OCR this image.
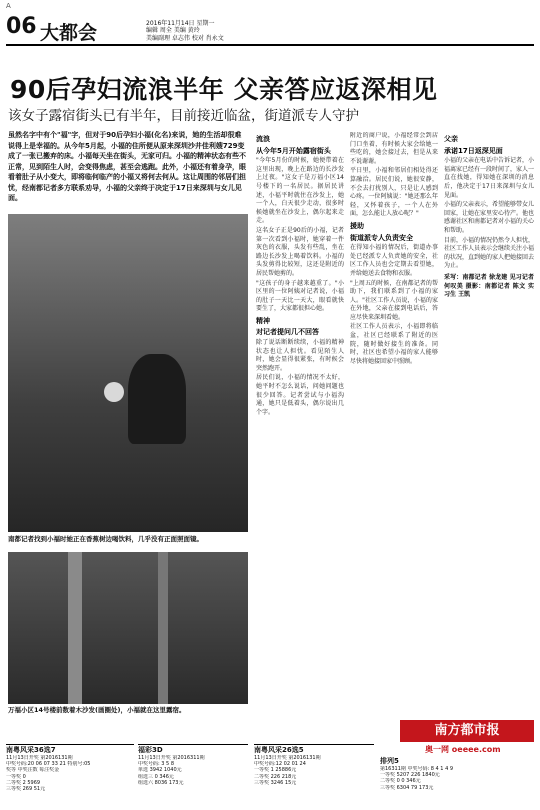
A
06 大都会	2016年11月14日 星期一
编辑 周全 美编 黄玲
美编副理 卓志伟 校对 肖永文
90后孕妇流浪半年 父亲答应返深相见
该女子露宿街头已有半年，目前接近临盆，街道派专人守护
虽然名字中有个"福"字，但对于90后孕妇小福(化名)来说，她的生活却很难说得上是幸福的。从今年5月起，小福的住所便从原来深圳沙井佳利嫂729变成了一张已搬弃的床。小福每天坐在街头，无家可归。小福的精神状态有些不正常，见到陌生人时，会变得焦虑，甚至会逃跑。此外，小福还有着身孕，眼看着肚子从小变大，即将临何临产的小福又将何去何从。这让周围的邻居们担忧，经南都记者多方联系劝导，小福的父亲终于决定于17日来深圳与女儿见面。
南都记者找到小福时她正在香蕉树边喝饮料，几乎没有正面照面镜。
万福小区14号楼前数着木沙发(画圈处)，小福就在这里露宿。
流浪
从今年5月开始露宿街头

"今年5月份的时候，她便带着在这里出现，晚上在路边的长沙发上过夜。"这女子是万福小区14号楼下的一名居民。据居民讲述，小福平时就住在沙发上，她一个人，白天很少走动，很多时候她就坐在沙发上，偶尔起来走走。

这名女子正是90后的小福，记者第一次看到小福时，她穿着一件灰色的衣服，头发有些乱，坐在路边长沙发上喝着饮料。小福的头发剪得比较短，这还是附近的居民帮她剪的。

"这孩子的身子越来越重了。"小区里的一位阿姨对记者说，小福的肚子一天比一天大，眼看就快要生了，大家都很担心她。

精神
对记者提问几不回答

除了说话断断续续，小福的精神状态也让人担忧。看见陌生人时，她会显得很紧张，有时候会突然跑开。

居民们说，小福的情况不太好，她平时不怎么说话，问她问题也很少回答。记者尝试与小福沟通，她只是低着头，偶尔说出几个字。

附近的商户说，小福经常会到店门口坐着，有时候大家会给她一些吃的，她会接过去，但是从来不说谢谢。

平日里，小福和邻居们相处得还算融洽。居民们说，她很安静，不会去打扰别人，只是让人感到心疼。一位阿姨说："她还那么年轻，又怀着孩子，一个人在外面，怎么能让人放心呢？"

援助
街道派专人负责安全

在得知小福的情况后，街道办事处已经派专人负责她的安全，社区工作人员也会定期去看望她，并给她送去食物和衣服。

"上周五的时候，在南都记者的帮助下，我们联系到了小福的家人。"社区工作人员说，小福的家在外地，父亲在接到电话后，答应尽快来深圳看她。

社区工作人员表示，小福即将临盆，社区已经联系了附近的医院，随时做好接生的准备。同时，社区也希望小福的家人能够尽快将她接回家中照顾。

父亲
承诺17日返深见面

小福的父亲在电话中告诉记者，小福离家已经有一段时间了，家人一直在找她，得知她在深圳的消息后，他决定于17日来深圳与女儿见面。

小福的父亲表示，希望能够带女儿回家，让她在家里安心待产。他也感谢社区和南都记者对小福的关心和帮助。

目前，小福的情况仍然令人担忧，社区工作人员表示会继续关注小福的状况，直到她的家人把她接回去为止。

采写：南都记者 徐龙建 见习记者 何叹美 摄影：南都记者 陈文 实习生 王凯

南方都市报
奥一网 oeeee.com
南粤风采36选7
11月13日开奖 第2016131期
中奖号码:20 06 07 33 21 特别号:05
奖等 中奖注数 每注奖金
一等奖 0
二等奖 2 5969
三等奖 269 51元
福彩3D
11月13日开奖 第2016311期
中奖号码: 3 5 8
单选 3942 1040元
组选三 0 346元
组选六 8036 173元
南粤风采26选5
11月13日开奖 第2016131期
中奖号码:12 02 01 24
一等奖 1 25886元
二等奖 226 218元
三等奖 3246 15元
排列5
第16311期 中奖号码: 8 4 1 4 9
一等奖 5207 226 1840元
二等奖 0 0 346元
三等奖 6304 79 173元
